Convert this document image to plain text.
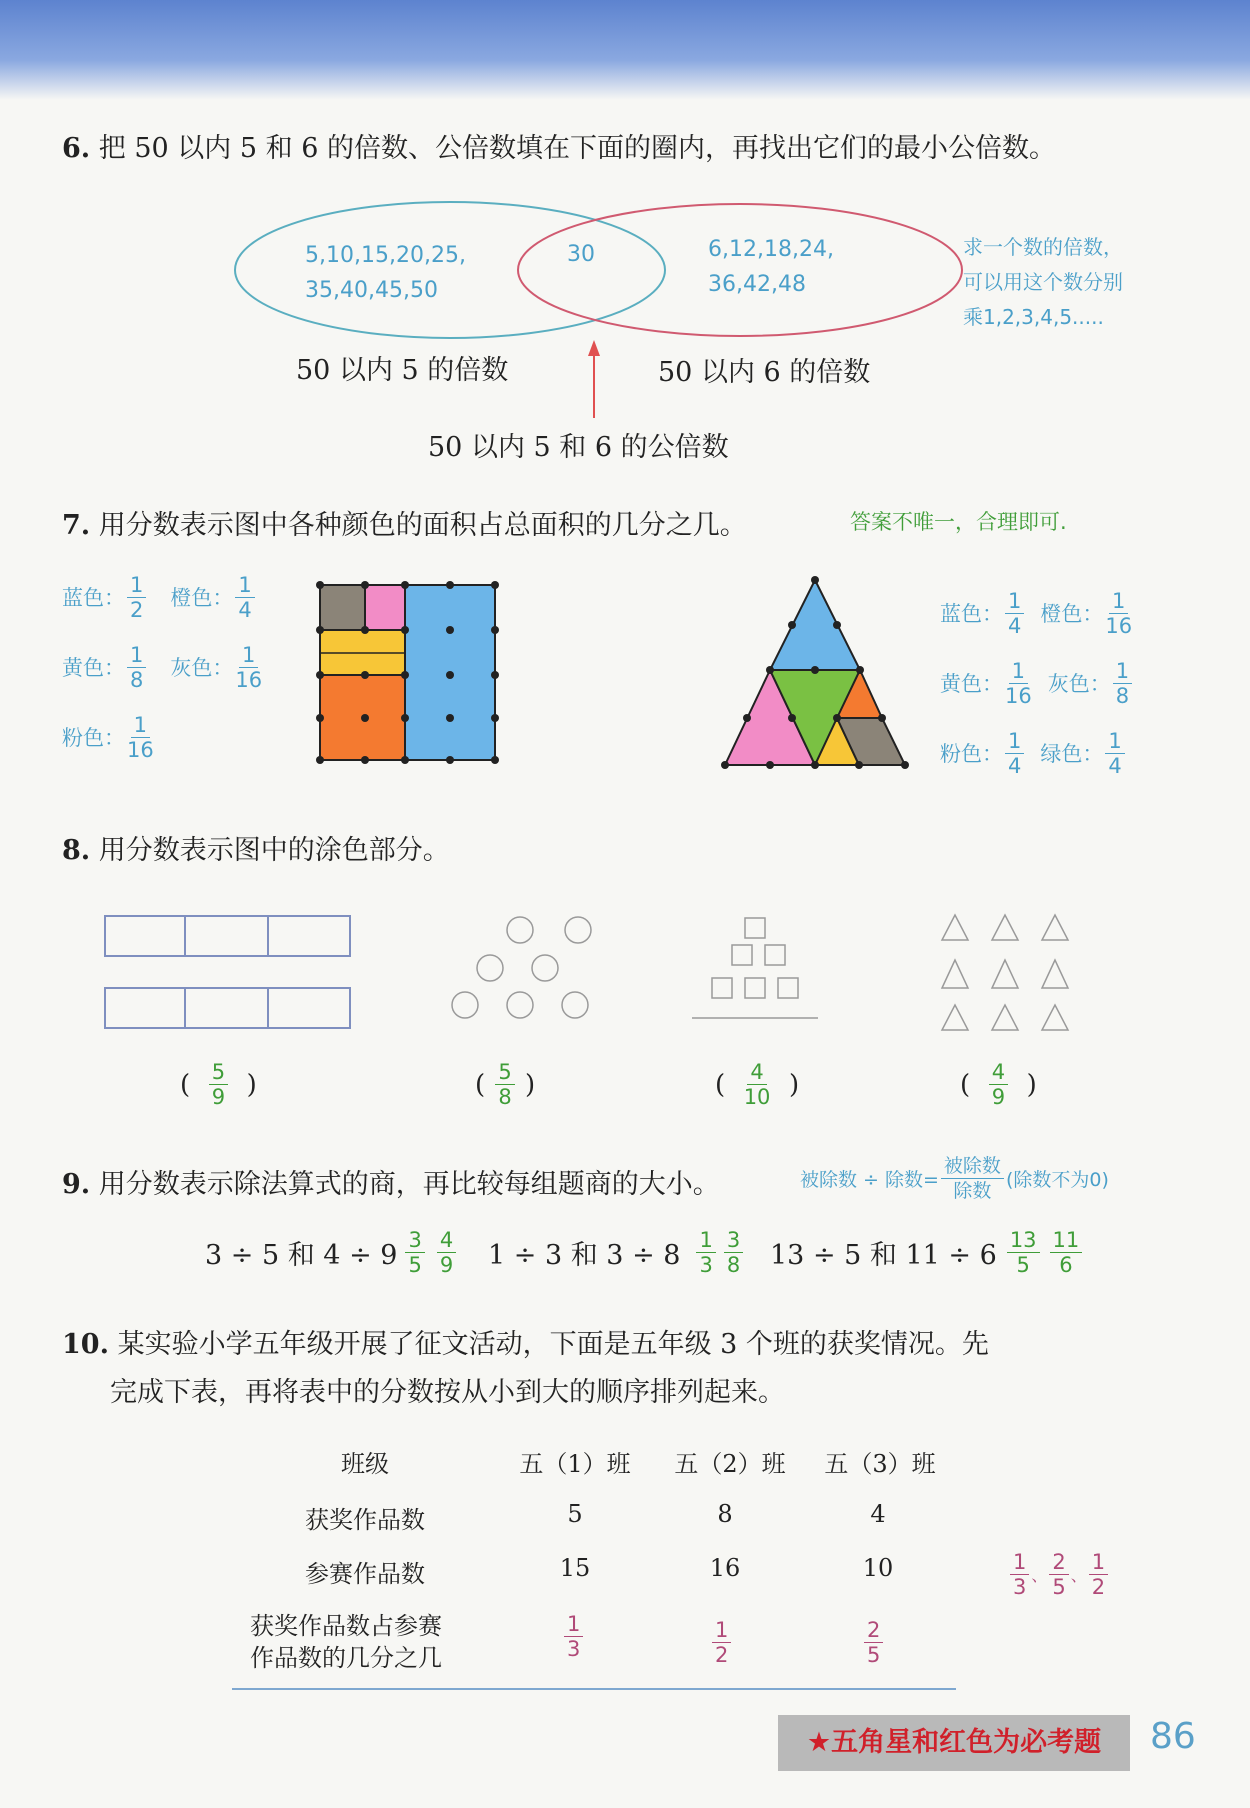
6. 把 50 以内 5 和 6 的倍数、公倍数填在下面的圈内，再找出它们的最小公倍数。
5,10,15,20,25,
35,40,45,50
30	6,12,18,24,
36,42,48
求一个数的倍数，
可以用这个数分别
乘1,2,3,4,5.....
50 以内 5 的倍数	50 以内 6 的倍数
50 以内 5 和 6 的公倍数
7. 用分数表示图中各种颜色的面积占总面积的几分之几。	答案不唯一，合理即可.
蓝色： $\frac{1}{2}$ 橙色： $\frac{1}{4}$
黄色： $\frac{1}{8}$ 灰色： $\frac{1}{16}$
粉色： $\frac{1}{16}$
蓝色： $\frac{1}{4}$ 橙色： $\frac{1}{16}$
黄色： $\frac{1}{16}$ 灰色： $\frac{1}{8}$
粉色： $\frac{1}{4}$ 绿色： $\frac{1}{4}$
8. 用分数表示图中的涂色部分。
( $\frac{5}{9}$ )	( $\frac{5}{8}$ )	( $\frac{4}{10}$ )	( $\frac{4}{9}$ )
9. 用分数表示除法算式的商，再比较每组题商的大小。	被除数 ÷ 除数= $\frac{\text{被除数}}{\text{除数}}$ (除数不为0)
3 ÷ 5 和 $4 \div 9 \frac{3}{5} \frac{4}{9} 1 \div 3$ 和 $3 \div 8 \frac{1}{3} \frac{3}{8} 13 \div 5$ 和 $11 \div 6 \frac{13}{5} \frac{11}{6}$
10. 某实验小学五年级开展了征文活动，下面是五年级 3 个班的获奖情况。先
完成下表，再将表中的分数按从小到大的顺序排列起来。
班级	五（1）班	五（2）班	五（3）班
获奖作品数	5	8	4
参赛作品数	15	16	10
获奖作品数占参赛
作品数的几分之几	$\frac{1}{3}$	$\frac{1}{2}$	$\frac{2}{5}$
$\frac{1}{3}$ 、 $\frac{2}{5}$ 、 $\frac{1}{2}$
★五角星和红色为必考题	86
